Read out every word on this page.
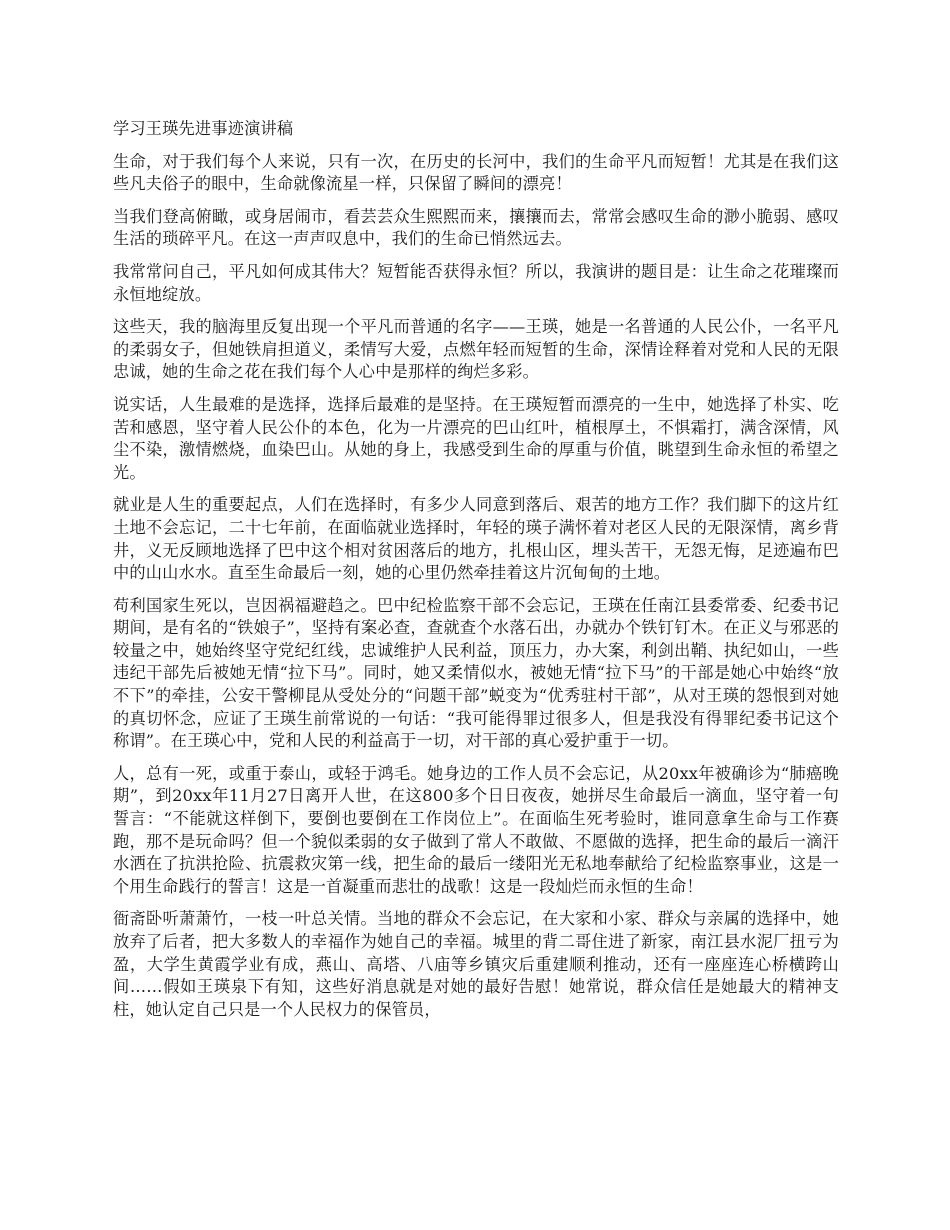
学习王瑛先进事迹演讲稿

生命，对于我们每个人来说，只有一次，在历史的长河中，我们的生命平凡而短暂！尤其是在我们这些凡夫俗子的眼中，生命就像流星一样，只保留了瞬间的漂亮！

当我们登高俯瞰，或身居闹市，看芸芸众生熙熙而来，攘攘而去，常常会感叹生命的渺小脆弱、感叹生活的琐碎平凡。在这一声声叹息中，我们的生命已悄然远去。

我常常问自己，平凡如何成其伟大？短暂能否获得永恒？所以，我演讲的题目是：让生命之花璀璨而永恒地绽放。

这些天，我的脑海里反复出现一个平凡而普通的名字——王瑛，她是一名普通的人民公仆，一名平凡的柔弱女子，但她铁肩担道义，柔情写大爱，点燃年轻而短暂的生命，深情诠释着对党和人民的无限忠诚，她的生命之花在我们每个人心中是那样的绚烂多彩。

说实话，人生最难的是选择，选择后最难的是坚持。在王瑛短暂而漂亮的一生中，她选择了朴实、吃苦和感恩，坚守着人民公仆的本色，化为一片漂亮的巴山红叶，植根厚土，不惧霜打，满含深情，风尘不染，激情燃烧，血染巴山。从她的身上，我感受到生命的厚重与价值，眺望到生命永恒的希望之光。

就业是人生的重要起点，人们在选择时，有多少人同意到落后、艰苦的地方工作？我们脚下的这片红土地不会忘记，二十七年前，在面临就业选择时，年轻的瑛子满怀着对老区人民的无限深情，离乡背井，义无反顾地选择了巴中这个相对贫困落后的地方，扎根山区，埋头苦干，无怨无悔，足迹遍布巴中的山山水水。直至生命最后一刻，她的心里仍然牵挂着这片沉甸甸的土地。

苟利国家生死以，岂因祸福避趋之。巴中纪检监察干部不会忘记，王瑛在任南江县委常委、纪委书记期间，是有名的“铁娘子”，坚持有案必查，查就查个水落石出，办就办个铁钉钉木。在正义与邪恶的较量之中，她始终坚守党纪红线，忠诚维护人民利益，顶压力，办大案，利剑出鞘、执纪如山，一些违纪干部先后被她无情“拉下马”。同时，她又柔情似水，被她无情“拉下马”的干部是她心中始终“放不下”的牵挂，公安干警柳昆从受处分的“问题干部”蜕变为“优秀驻村干部”，从对王瑛的怨恨到对她的真切怀念，应证了王瑛生前常说的一句话：“我可能得罪过很多人，但是我没有得罪纪委书记这个称谓”。在王瑛心中，党和人民的利益高于一切，对干部的真心爱护重于一切。

人，总有一死，或重于泰山，或轻于鸿毛。她身边的工作人员不会忘记，从20xx年被确诊为“肺癌晚期”，到20xx年11月27日离开人世，在这800多个日日夜夜，她拼尽生命最后一滴血，坚守着一句誓言：“不能就这样倒下，要倒也要倒在工作岗位上”。在面临生死考验时，谁同意拿生命与工作赛跑，那不是玩命吗？但一个貌似柔弱的女子做到了常人不敢做、不愿做的选择，把生命的最后一滴汗水洒在了抗洪抢险、抗震救灾第一线，把生命的最后一缕阳光无私地奉献给了纪检监察事业，这是一个用生命践行的誓言！这是一首凝重而悲壮的战歌！这是一段灿烂而永恒的生命！

衙斋卧听萧萧竹，一枝一叶总关情。当地的群众不会忘记，在大家和小家、群众与亲属的选择中，她放弃了后者，把大多数人的幸福作为她自己的幸福。城里的背二哥住进了新家，南江县水泥厂扭亏为盈，大学生黄霞学业有成，燕山、高塔、八庙等乡镇灾后重建顺利推动，还有一座座连心桥横跨山间……假如王瑛泉下有知，这些好消息就是对她的最好告慰！她常说，群众信任是她最大的精神支柱，她认定自己只是一个人民权力的保管员，
